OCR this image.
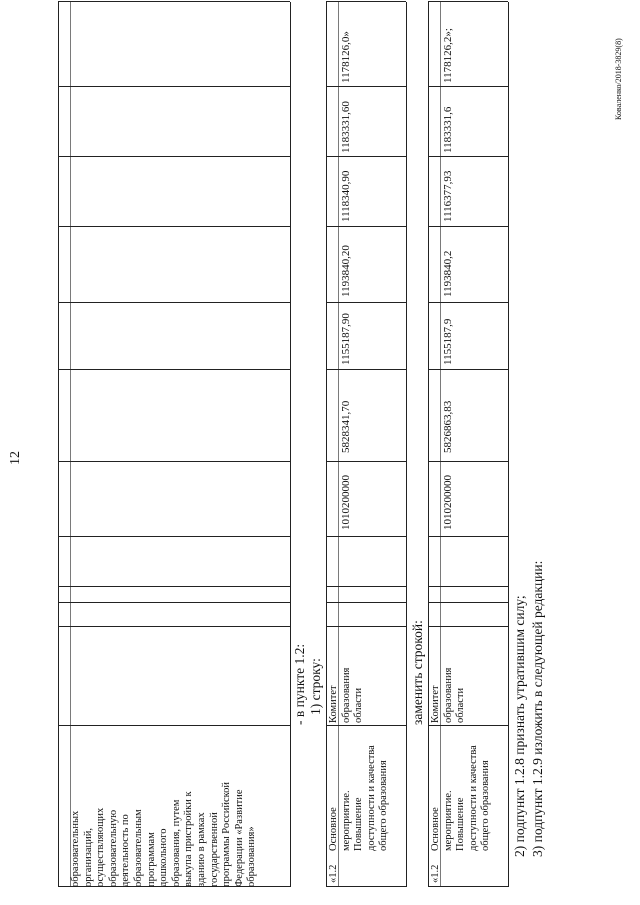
12
Коваленко/2018-3829(8)
образовательных
организаций,
осуществляющих
образовательную
деятельность по
образовательным
программам
дошкольного
образования, путем
выкупа пристройки к
зданию в рамках
государственной
программы Российской
Федерации «Развитие
образования»
- в пункте 1.2: 1) строку:
«1.2
Основное
мероприятие.
Повышение
доступности и качества
общего образования
Комитет
образования
области
1010200000
5828341,70
1155187,90
1193840,20
1118340,90
1183331,60
1178126,0»
заменить строкой:
«1.2
Основное
мероприятие.
Повышение
доступности и качества
общего образования
Комитет
образования
области
1010200000
5826863,83
1155187,9
1193840,2
1116377,93
1183331,6
1178126,2»;
2) подпункт 1.2.8 признать утратившим силу; 3) подпункт 1.2.9 изложить в следующей редакции:
